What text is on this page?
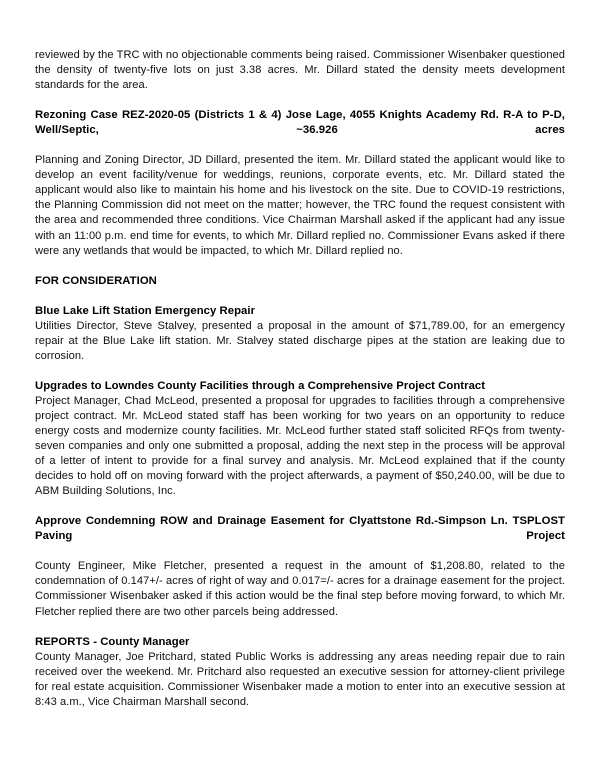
reviewed by the TRC with no objectionable comments being raised. Commissioner Wisenbaker questioned the density of twenty-five lots on just 3.38 acres. Mr. Dillard stated the density meets development standards for the area.

Rezoning Case REZ-2020-05 (Districts 1 & 4) Jose Lage, 4055 Knights Academy Rd. R-A to P-D, Well/Septic, ~36.926 acres

Planning and Zoning Director, JD Dillard, presented the item. Mr. Dillard stated the applicant would like to develop an event facility/venue for weddings, reunions, corporate events, etc. Mr. Dillard stated the applicant would also like to maintain his home and his livestock on the site. Due to COVID-19 restrictions, the Planning Commission did not meet on the matter; however, the TRC found the request consistent with the area and recommended three conditions. Vice Chairman Marshall asked if the applicant had any issue with an 11:00 p.m. end time for events, to which Mr. Dillard replied no. Commissioner Evans asked if there were any wetlands that would be impacted, to which Mr. Dillard replied no.

FOR CONSIDERATION
Blue Lake Lift Station Emergency Repair

Utilities Director, Steve Stalvey, presented a proposal in the amount of $71,789.00, for an emergency repair at the Blue Lake lift station. Mr. Stalvey stated discharge pipes at the station are leaking due to corrosion.

Upgrades to Lowndes County Facilities through a Comprehensive Project Contract

Project Manager, Chad McLeod, presented a proposal for upgrades to facilities through a comprehensive project contract. Mr. McLeod stated staff has been working for two years on an opportunity to reduce energy costs and modernize county facilities. Mr. McLeod further stated staff solicited RFQs from twenty-seven companies and only one submitted a proposal, adding the next step in the process will be approval of a letter of intent to provide for a final survey and analysis. Mr. McLeod explained that if the county decides to hold off on moving forward with the project afterwards, a payment of $50,240.00, will be due to ABM Building Solutions, Inc.

Approve Condemning ROW and Drainage Easement for Clyattstone Rd.-Simpson Ln. TSPLOST Paving Project

County Engineer, Mike Fletcher, presented a request in the amount of $1,208.80, related to the condemnation of 0.147+/- acres of right of way and 0.017=/- acres for a drainage easement for the project. Commissioner Wisenbaker asked if this action would be the final step before moving forward, to which Mr. Fletcher replied there are two other parcels being addressed.

REPORTS - County Manager

County Manager, Joe Pritchard, stated Public Works is addressing any areas needing repair due to rain received over the weekend. Mr. Pritchard also requested an executive session for attorney-client privilege for real estate acquisition. Commissioner Wisenbaker made a motion to enter into an executive session at 8:43 a.m., Vice Chairman Marshall second.
